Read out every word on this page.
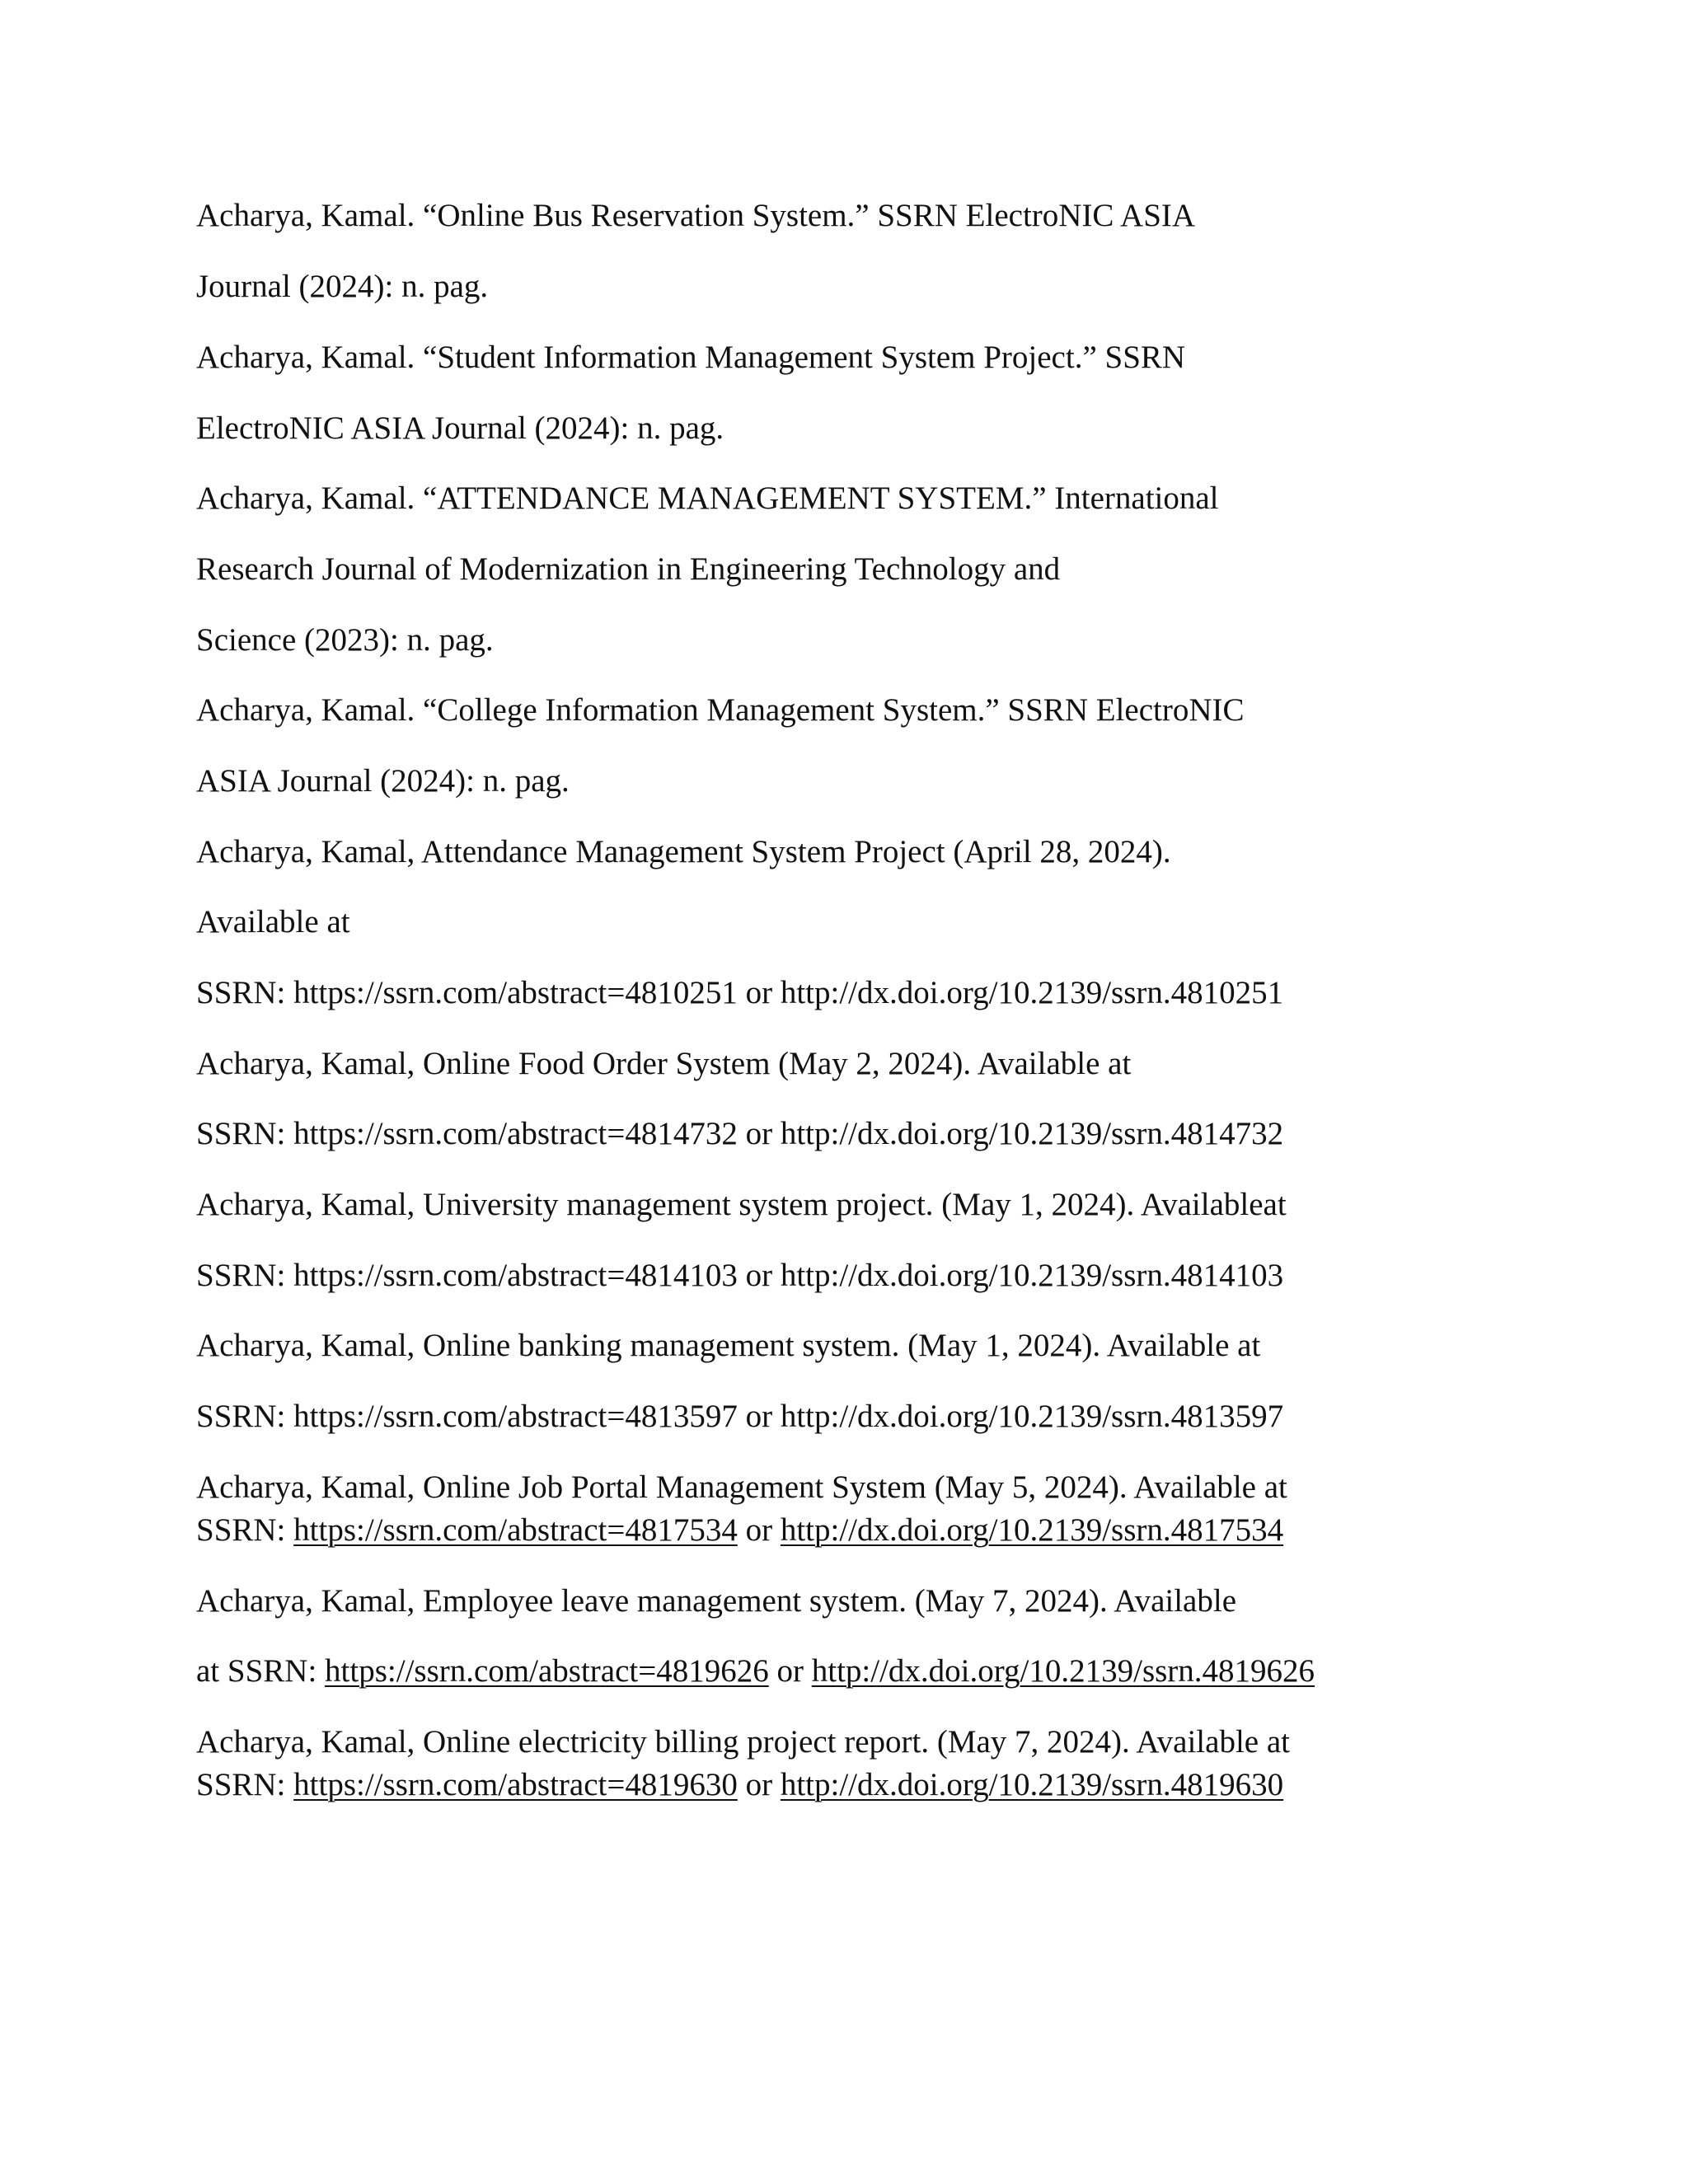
Acharya, Kamal. “Online Bus Reservation System.” SSRN ElectroNIC ASIA
Journal (2024): n. pag.
Acharya, Kamal. “Student Information Management System Project.” SSRN
ElectroNIC ASIA Journal (2024): n. pag.
Acharya, Kamal. “ATTENDANCE MANAGEMENT SYSTEM.” International
Research Journal of Modernization in Engineering Technology and
Science (2023): n. pag.
Acharya, Kamal. “College Information Management System.” SSRN ElectroNIC
ASIA Journal (2024): n. pag.
Acharya, Kamal, Attendance Management System Project (April 28, 2024).
Available at
SSRN: https://ssrn.com/abstract=4810251 or http://dx.doi.org/10.2139/ssrn.4810251
Acharya, Kamal, Online Food Order System (May 2, 2024). Available at
SSRN: https://ssrn.com/abstract=4814732 or http://dx.doi.org/10.2139/ssrn.4814732
Acharya, Kamal, University management system project. (May 1, 2024). Availableat
SSRN: https://ssrn.com/abstract=4814103 or http://dx.doi.org/10.2139/ssrn.4814103
Acharya, Kamal, Online banking management system. (May 1, 2024). Available at
SSRN: https://ssrn.com/abstract=4813597 or http://dx.doi.org/10.2139/ssrn.4813597
Acharya, Kamal, Online Job Portal Management System (May 5, 2024). Available at
SSRN: https://ssrn.com/abstract=4817534 or http://dx.doi.org/10.2139/ssrn.4817534
Acharya, Kamal, Employee leave management system. (May 7, 2024). Available
at SSRN: https://ssrn.com/abstract=4819626 or http://dx.doi.org/10.2139/ssrn.4819626
Acharya, Kamal, Online electricity billing project report. (May 7, 2024). Available at
SSRN: https://ssrn.com/abstract=4819630 or http://dx.doi.org/10.2139/ssrn.4819630
